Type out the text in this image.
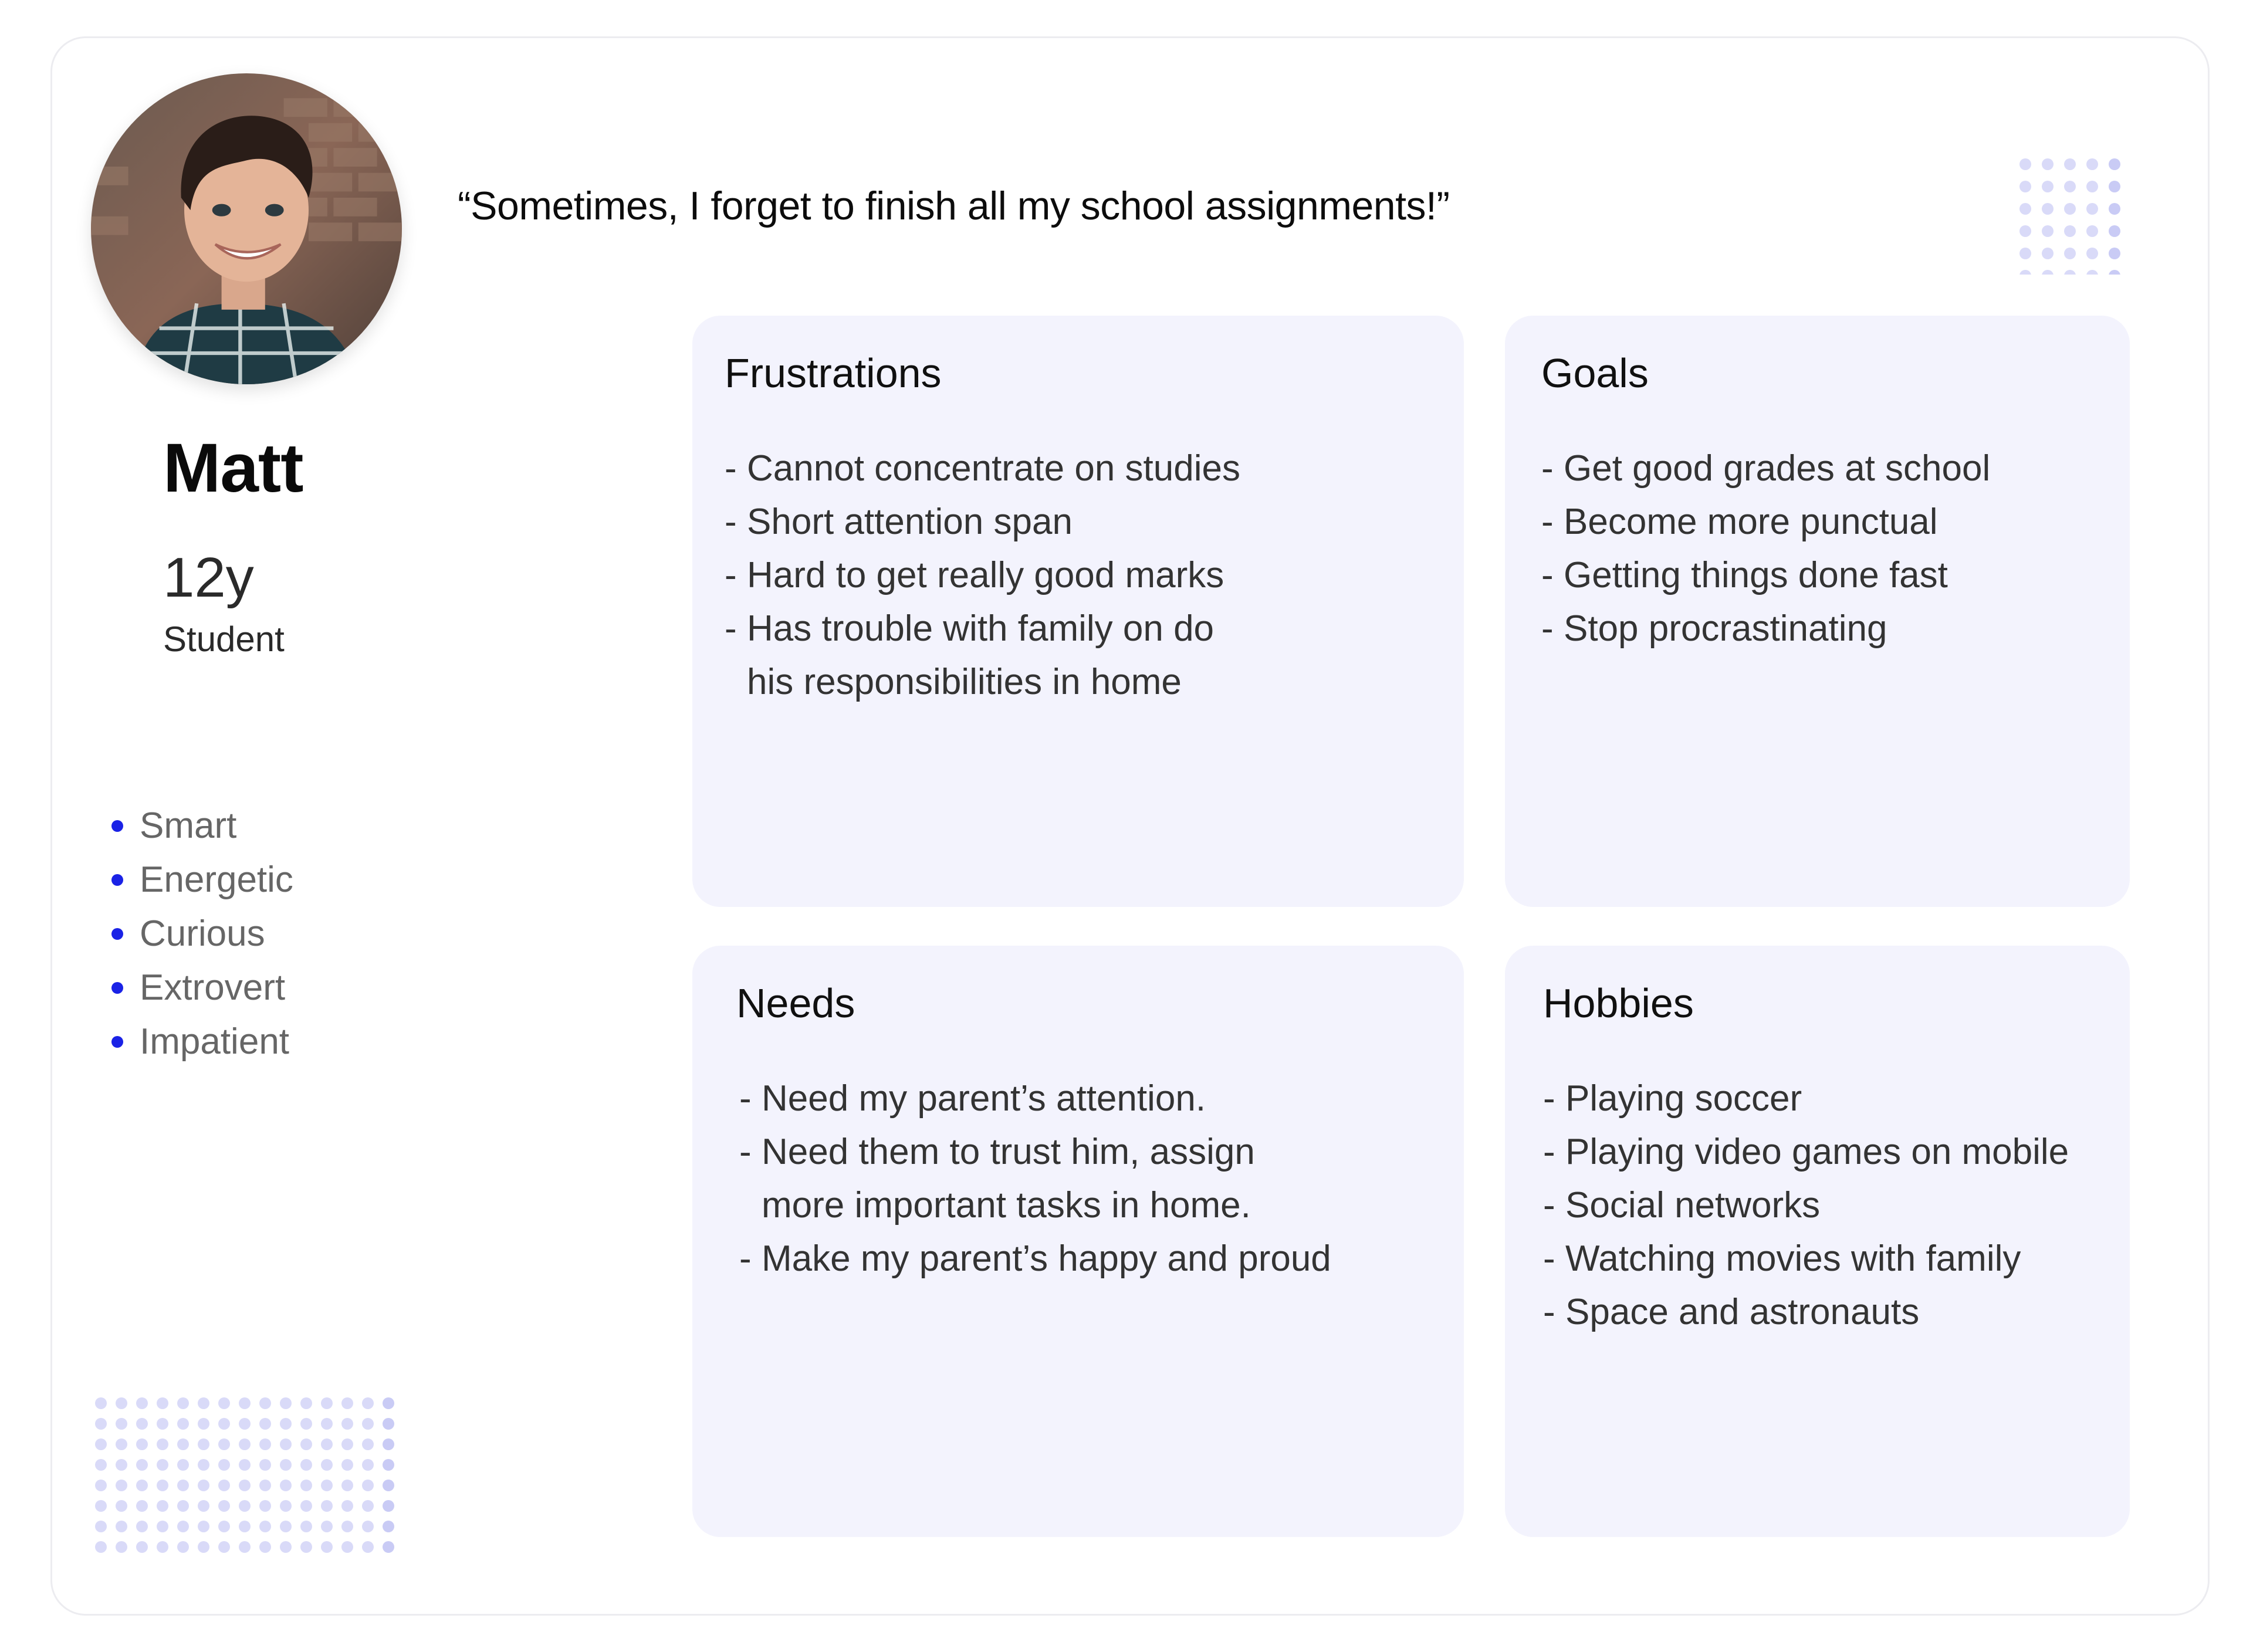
“Sometimes, I forget to finish all my school assignments!”
Matt
12y
Student
Smart
Energetic
Curious
Extrovert
Impatient
Frustrations
- Cannot concentrate on studies
- Short attention span
- Hard to get really good marks
- Has trouble with family on do
his responsibilities in home
Goals
- Get good grades at school
- Become more punctual
- Getting things done fast
- Stop procrastinating
Needs
- Need my parent’s attention.
- Need them to trust him, assign
more important tasks in home.
- Make my parent’s happy and proud
Hobbies
- Playing soccer
- Playing video games on mobile
- Social networks
- Watching movies with family
- Space and astronauts
